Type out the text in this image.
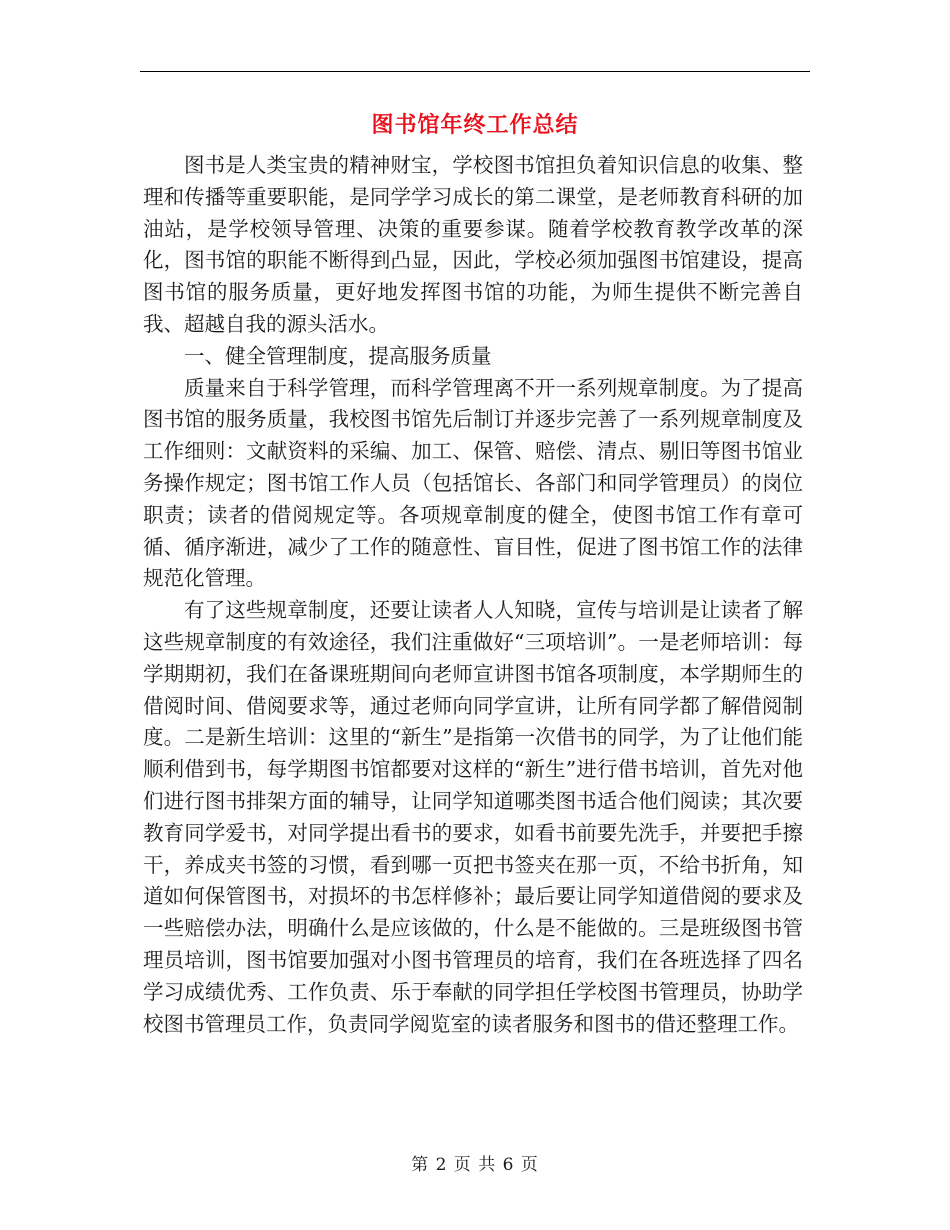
图书馆年终工作总结

图书是人类宝贵的精神财宝，学校图书馆担负着知识信息的收集、整理和传播等重要职能，是同学学习成长的第二课堂，是老师教育科研的加油站，是学校领导管理、决策的重要参谋。随着学校教育教学改革的深化，图书馆的职能不断得到凸显，因此，学校必须加强图书馆建设，提高图书馆的服务质量，更好地发挥图书馆的功能，为师生提供不断完善自我、超越自我的源头活水。

一、健全管理制度，提高服务质量

质量来自于科学管理，而科学管理离不开一系列规章制度。为了提高图书馆的服务质量，我校图书馆先后制订并逐步完善了一系列规章制度及工作细则：文献资料的采编、加工、保管、赔偿、清点、剔旧等图书馆业务操作规定；图书馆工作人员（包括馆长、各部门和同学管理员）的岗位职责；读者的借阅规定等。各项规章制度的健全，使图书馆工作有章可循、循序渐进，减少了工作的随意性、盲目性，促进了图书馆工作的法律规范化管理。

有了这些规章制度，还要让读者人人知晓，宣传与培训是让读者了解这些规章制度的有效途径，我们注重做好“三项培训”。一是老师培训：每学期期初，我们在备课班期间向老师宣讲图书馆各项制度，本学期师生的借阅时间、借阅要求等，通过老师向同学宣讲，让所有同学都了解借阅制度。二是新生培训：这里的“新生”是指第一次借书的同学，为了让他们能顺利借到书，每学期图书馆都要对这样的“新生”进行借书培训，首先对他们进行图书排架方面的辅导，让同学知道哪类图书适合他们阅读；其次要教育同学爱书，对同学提出看书的要求，如看书前要先洗手，并要把手擦干，养成夹书签的习惯，看到哪一页把书签夹在那一页，不给书折角，知道如何保管图书，对损坏的书怎样修补；最后要让同学知道借阅的要求及一些赔偿办法，明确什么是应该做的，什么是不能做的。三是班级图书管理员培训，图书馆要加强对小图书管理员的培育，我们在各班选择了四名学习成绩优秀、工作负责、乐于奉献的同学担任学校图书管理员，协助学校图书管理员工作，负责同学阅览室的读者服务和图书的借还整理工作。

第 2 页 共 6 页
